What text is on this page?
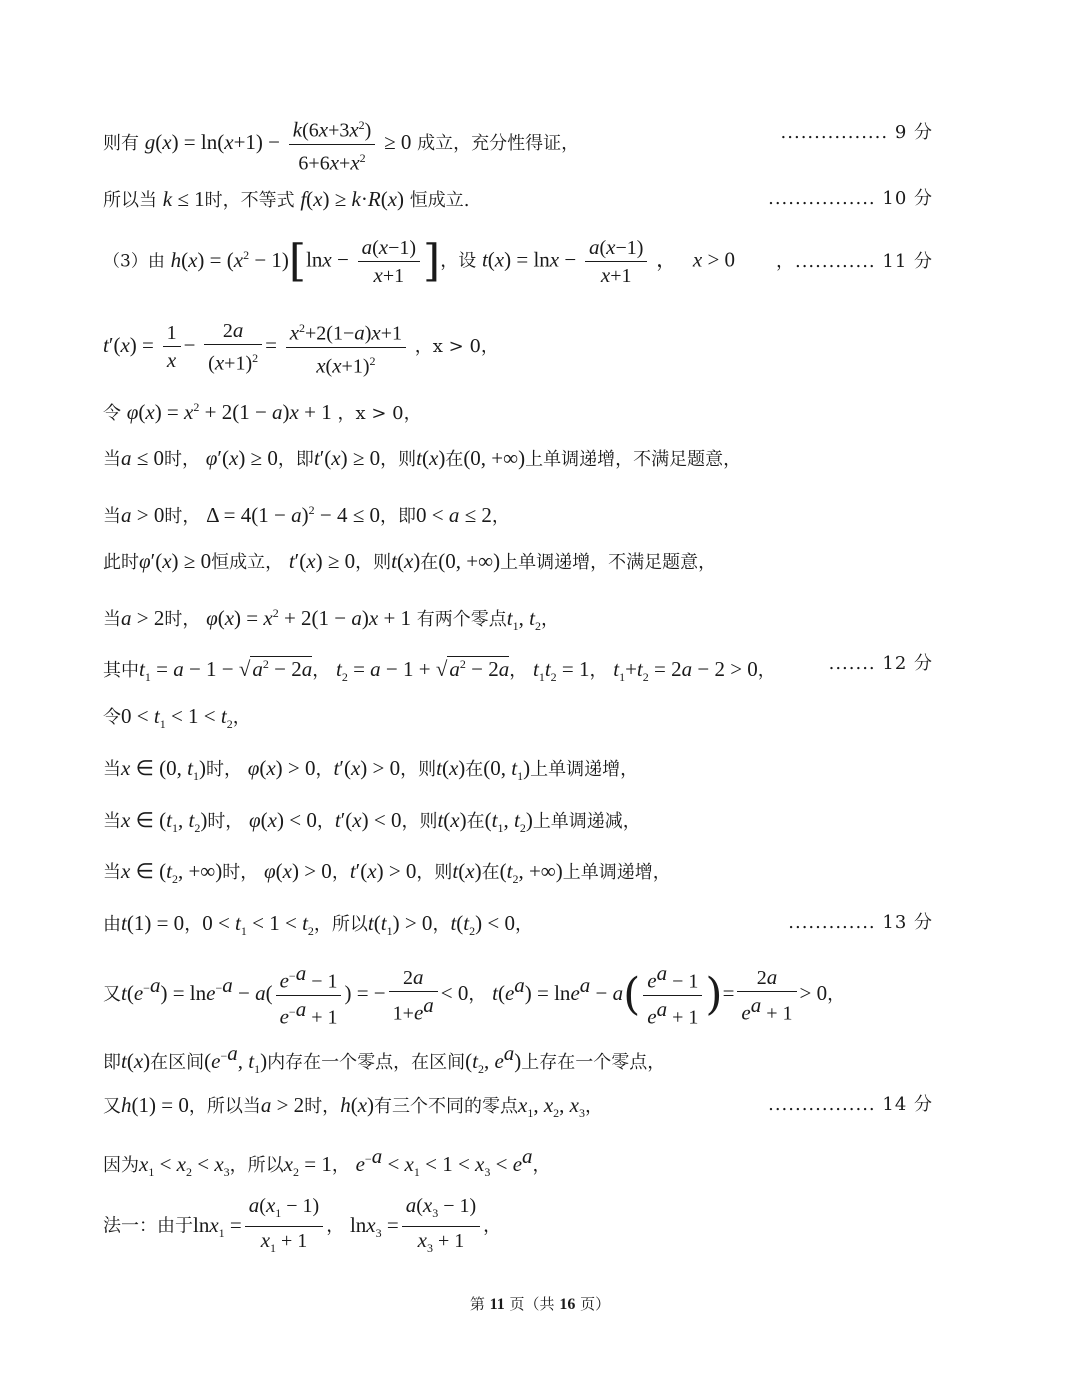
则有 $g(x) = \ln(x+1) - \frac{k(6x+3x^2)}{6+6x+x^2} \ge 0$ 成立，充分性得证，
................ 9 分
所以当 k ≤ 1时，不等式 f(x) ≥ k·R(x) 恒成立.	................ 10 分
（3）由 $h(x) = (x^2 - 1)[\ln x - \frac{a(x-1)}{x+1}$ ]，设 $t(x) = \ln x - \frac{a(x-1)}{x+1}$ ，   x > 0 ，............ 11 分
$t'(x) = \frac{1}{x} - \frac{2a}{(x+1)^2} = \frac{x^2+2(1-a)x+1}{x(x+1)^2}$ ，x > 0，
令 $\varphi(x) = x^2 + 2(1 - a)x + 1$ ，x > 0，
当a ≤ 0时， φ′(x) ≥ 0，即t′(x) ≥ 0，则t(x)在(0, +∞)上单调递增，不满足题意，
当a > 0时， $\Delta = 4(1 - a)^2 - 4 \le 0$，即0 < a ≤ 2，
此时φ′(x) ≥ 0恒成立， t′(x) ≥ 0，则t(x)在(0, +∞)上单调递增，不满足题意，
当a > 2时， $\varphi(x) = x^2 + 2(1 - a)x + 1$ 有两个零点$t_1$, $t_2$，
其中$t_1 = a - 1 - √a^2 - 2a$， $t_2 = a - 1 + √a^2 - 2a$， $t_1t_2 = 1$， $t_1+t_2 = 2a - 2 > 0$，	....... 12 分
令$0 < t_1 < 1 < t_2$，
当x ∈ (0, $t_1$)时， φ(x) > 0，t′(x) > 0，则t(x)在(0, $t_1$)上单调递增，
当x ∈ ($t_1$, $t_2$)时， φ(x) < 0，t′(x) < 0，则t(x)在($t_1$, $t_2$)上单调递减，
当x ∈ ($t_2$, +∞)时， φ(x) > 0，t′(x) > 0，则t(x)在($t_2$, +∞)上单调递增，
由t(1) = 0，$0 < t_1 < 1 < t_2$，所以$t(t_1) > 0$，$t(t_2) < 0$，	............. 13 分
又$t(e^{-a}) = \ln e^{-a} - a( \frac{e^{-a} - 1}{e^{-a} + 1}$ ) = − $\frac{2a}{1+e^a} < 0$， $t(e^a) = \ln e^a - a( \frac{e^a - 1}{e^a + 1}$ )= $\frac{2a}{e^a + 1} > 0$，
即t(x)在区间($e^{-a}$, $t_1$)内存在一个零点，在区间($t_2$, $e^a$)上存在一个零点，
又h(1) = 0，所以当a > 2时，h(x)有三个不同的零点$x_1$, $x_2$, $x_3$，	................ 14 分
因为$x_1 < x_2 < x_3$，所以$x_2 = 1$， $e^{-a} < x_1 < 1 < x_3 < e^a$，
法一：由于$\ln x_1 = \frac{a(x_1 - 1)}{x_1 + 1}$ ， $\ln x_3 = \frac{a(x_3 - 1)}{x_3 + 1}$ ，
第 11 页（共 16 页）
